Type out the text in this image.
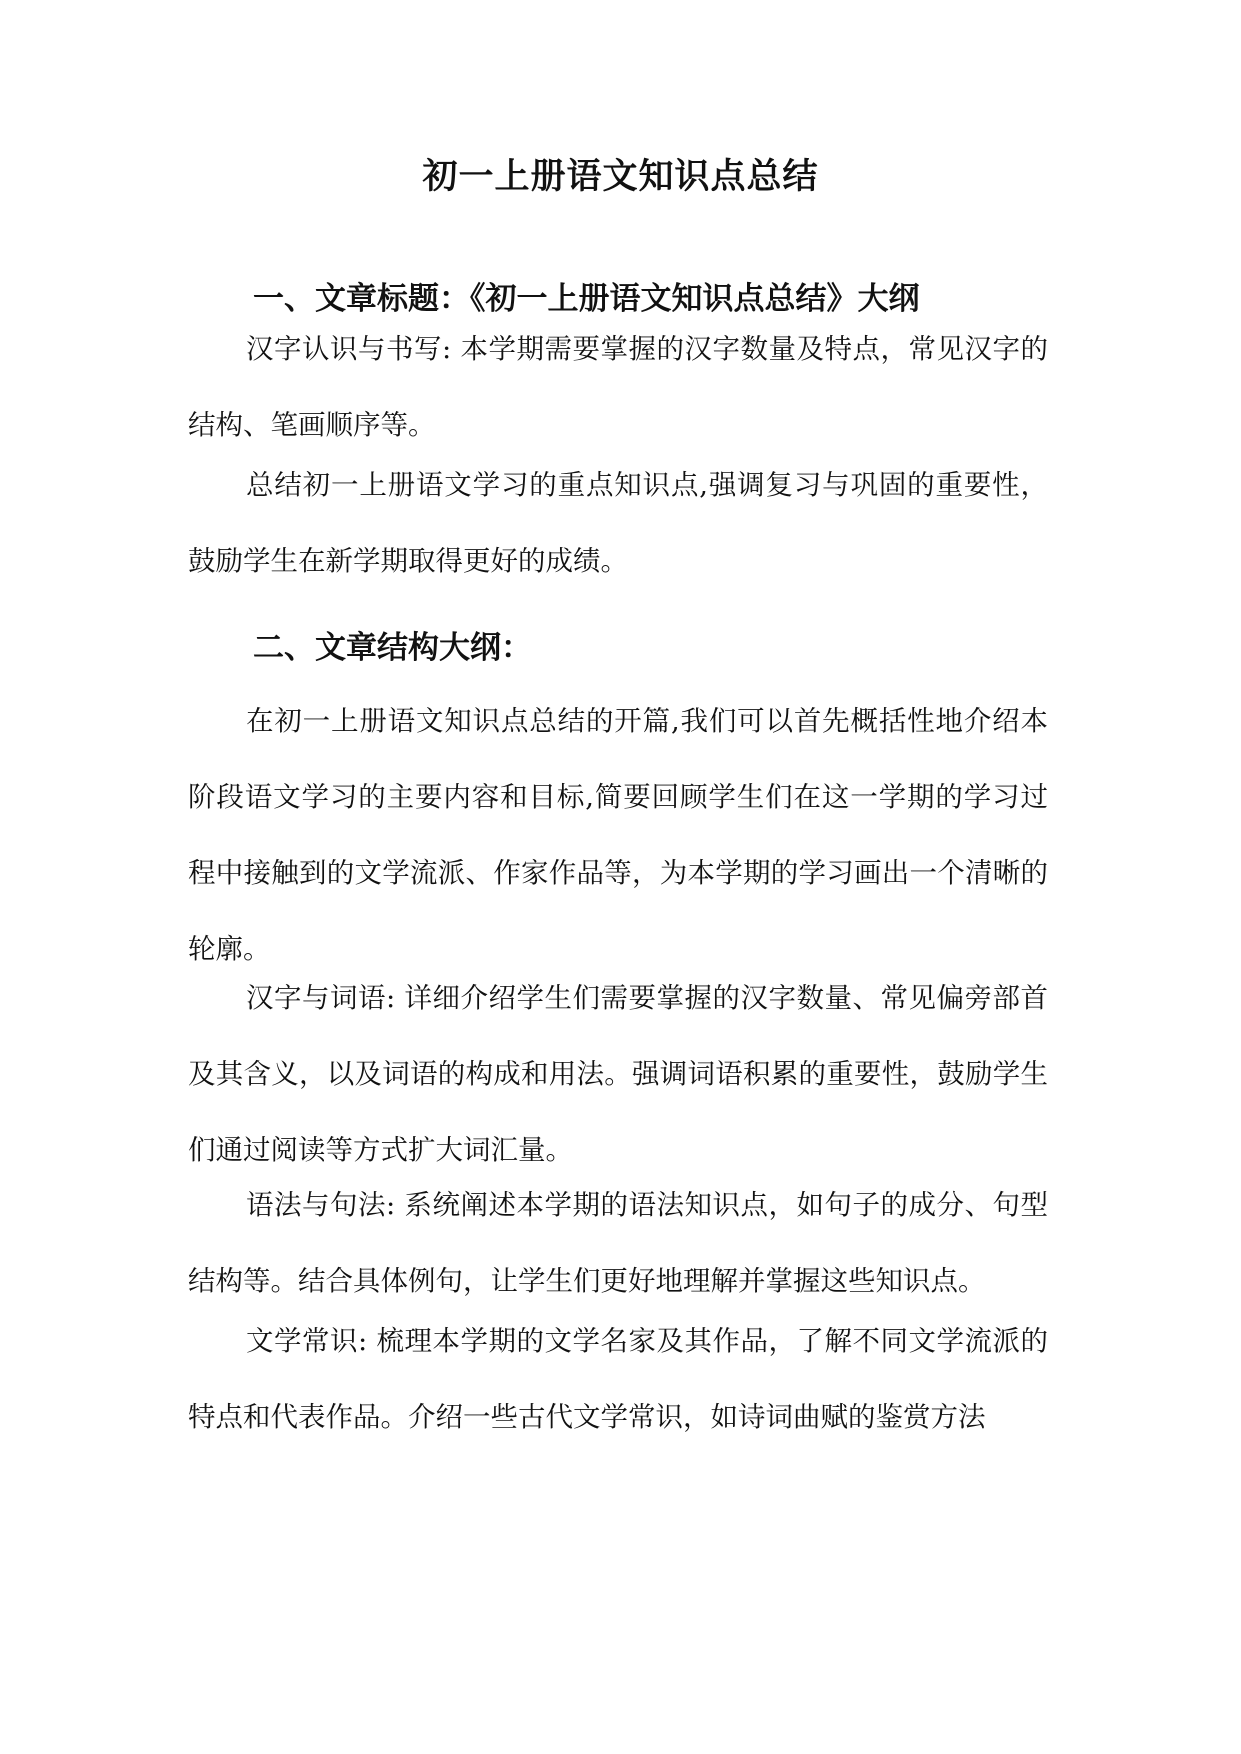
初一上册语文知识点总结
一、文章标题：《初一上册语文知识点总结》大纲

汉字认识与书写: 本学期需要掌握的汉字数量及特点，常见汉字的结构、笔画顺序等。

总结初一上册语文学习的重点知识点,强调复习与巩固的重要性，鼓励学生在新学期取得更好的成绩。

二、文章结构大纲：

在初一上册语文知识点总结的开篇,我们可以首先概括性地介绍本阶段语文学习的主要内容和目标,简要回顾学生们在这一学期的学习过程中接触到的文学流派、作家作品等，为本学期的学习画出一个清晰的轮廓。

汉字与词语: 详细介绍学生们需要掌握的汉字数量、常见偏旁部首及其含义，以及词语的构成和用法。强调词语积累的重要性，鼓励学生们通过阅读等方式扩大词汇量。

语法与句法: 系统阐述本学期的语法知识点，如句子的成分、句型结构等。结合具体例句，让学生们更好地理解并掌握这些知识点。

文学常识: 梳理本学期的文学名家及其作品，了解不同文学流派的特点和代表作品。介绍一些古代文学常识，如诗词曲赋的鉴赏方法
